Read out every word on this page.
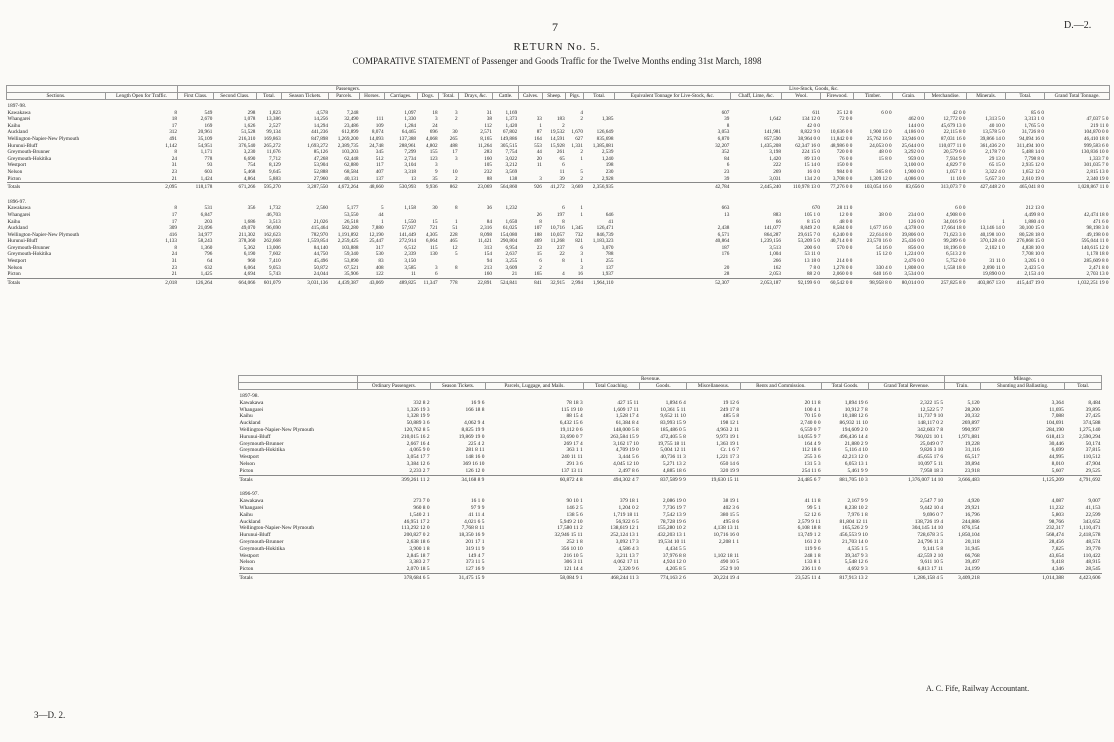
7	D.—2.
RETURN No. 5.
COMPARATIVE STATEMENT of Passenger and Goods Traffic for the Twelve Months ending 31st March, 1898
		Passengers.											Live-Stock, Goods, &c.													
Sections.	Length Open for Traffic.	First Class.	Second Class.	Total.	Season Tickets.	Parcels.	Horses.	Carriages.	Dogs.	Total.	Drays, &c.	Cattle.	Calves.	Sheep.	Pigs.	Total.	Equivalent Tonnage for Live-Stock, &c.	Chaff, Lime, &c.	Wool.	Firewood.	Timber.	Grain.	Merchandise.	Minerals.	Total.	Grand Total Tonnage.
1897-98.																										
Kawakawa	8	549	298	1,823	4,578	7,248		1,097	18	3	31	1,169			4		607		611	25 12 0	6 0 0		42 0 0		85 6 0	
Whangarei	18	2,670	1,078	13,386	14,256	32,490	111	1,330	3	2	38	1,373	33	183	2	1,385	39	1,642	134 12 0	72 0 0		462 0 0	12,772 0 0	1,313 5 0	3,313 1 0	47,037 5 0
Kaihu	17	169	1,626	2,527	14,294	23,486	109	1,284	24		112	1,420	1	2			8		42 0 0			144 0 0	45,679 13 0	40 10 0	1,765 5 0	219 11 0
Auckland	312	20,961	51,528	99,134	441,236	612,899	8,074	64,465	696	30	2,571	67,802	87	19,532	1,670	126,649	3,053	141,981	8,822 9 0	10,636 0 0	1,900 12 0	4,186 0 0	22,115 8 0	13,578 5 0	31,726 8 0	104,870 0 0
Wellington-Napier-New Plymouth	491	35,109	216,310	169,863	847,898	1,269,200	14,093	137,388	4,068	265	8,165	149,886	164	14,591	627	835,698	6,870	857,590	38,964 0 0	11,842 0 0	25,762 16 0	33,946 0 0	87,031 16 0	39,866 14 0	94,094 16 0	46,410 18 0
Hurunui-Bluff	1,142	54,951	376,540	265,272	1,693,272	2,389,735	24,748	288,961	4,802	488	11,264	305,515	553	15,928	1,331	1,385,081	32,207	1,435,208	62,347 16 0	48,986 0 0	24,053 0 0	25,644 0 0	110,077 11 0	361,436 2 0	311,494 10 0	999,583 6 0
Greymouth-Brunner	8	1,171	3,230	11,676	85,126	103,203	345	7,299	155	17	283	7,754	44	261	2	2,539	352	3,198	224 15 0	720 0 0	48 0 0	3,292 0 0	20,579 6 0	2,178 7 0	5,488 14 0	130,836 10 0
Greymouth-Hokitika	24	778	6,690	7,712	47,268	62,448	512	2,734	123	3	160	3,022	20	65	1	1,240	84	1,420	89 13 0	76 0 0	15 8 0	959 0 0	7,934 9 0	29 13 0	7,798 8 0	1,333 7 0
Westport	31	93	754	8,129	53,904	62,880	117	3,104	3		105	3,212	11	6		198	6	222	15 14 0	150 0 0		3,100 0 0	4,829 7 0	65 15 0	2,935 12 0	301,035 7 0
Nelson	23	603	5,468	9,645	52,888	68,584	407	3,318	9	10	232	3,569		11	5	230	23	269	16 0 0	984 0 0	365 8 0	1,900 0 0	1,057 1 0	3,322 4 0	1,652 12 0	2,815 13 0
Picton	21	1,424	4,864	5,883	27,960	40,131	137	13	35	2	88	138	3	39	2	2,928	39	3,031	134 2 0	3,708 0 0	1,309 12 0	4,086 0 0	11 10 0	5,657 3 0	2,610 19 0	2,340 19 0
Totals	2,095	118,178	671,266	595,270	3,287,550	4,672,264	48,660	530,993	9,936	862	23,069	564,860	926	41,272	3,669	2,356,935	42,784	2,445,240	110,978 13 0	77,276 0 0	103,054 16 0	83,656 0	313,073 7 0	427,448 2 0	465,041 8 0	1,028,867 11 0

1896-97.																										
Kawakawa	8	531	356	1,732	2,560	5,177	5	1,158	30	8	36	1,232		6	1		663		670	28 11 0			6 0 0		212 13 0	
Whangarei	17	6,847		46,703		53,550	44						26	197	1	646	13	883	105 1 0	12 0 0	38 0 0	234 0 0	4,908 0 0		4,499 8 0	42,474 18 0
Kaihu	17	203	1,686	3,513	21,026	26,518	1	1,550	15	1	84	1,650	8	8		41		66	8 15 0	48 0 0		126 0 0	34,016 9 0	1	1,880 4 0	471 6 0
Auckland	309	21,096	49,070	96,690	415,464	582,280	7,880	57,937	721	51	2,316	61,025	107	10,716	1,345	126,471	2,438	141,077	8,849 2 0	8,584 0 0	1,677 16 0	4,378 0 0	17,664 18 0	13,146 14 0	30,100 15 0	98,198 3 0
Wellington-Napier-New Plymouth	416	34,977	211,302	162,623	782,970	1,191,892	12,190	141,449	4,305	228	8,098	154,080	188	10,057	732	846,739	6,571	864,287	29,615 7 0	6,240 0 0	22,614 8 0	39,806 0 0	71,623 3 0	40,198 10 0	80,528 18 0	49,198 0 0
Hurunui-Bluff	1,133	58,243	378,360	262,668	1,559,854	2,259,425	25,447	272,914	6,064	465	11,421	290,804	469	11,268	821	1,183,323	40,864	1,239,156	53,209 5 0	40,714 0 0	23,570 16 0	25,436 0 0	99,289 6 0	370,128 4 0	276,868 15 0	595,044 11 0
Greymouth-Brunner	8	1,360	5,362	13,006	84,140	103,888	317	6,512	115	12	313	6,954	23	237	6	3,070	187	3,513	200 6 0	570 0 0	54 16 0	856 0 0	18,196 0 0	2,102 1 0	4,838 10 0	140,615 12 0
Greymouth-Hokitika	24	796	6,190	7,602	44,750	59,340	530	2,339	130	5	154	2,637	15	22	3	788	176	1,004	53 11 0		15 12 0	1,224 0 0	6,513 2 0		7,708 10 0	1,178 18 0
Westport	31	64	960	7,410	45,496	53,890	83	3,150			94	3,255	6	8	1	255		266	13 18 0	214 0 0		2,476 0 0	5,752 0 0	31 11 0	3,205 1 0	285,609 8 0
Nelson	23	632	6,064	9,053	50,872	67,521	408	3,585	3	8	213	3,609	2		3	137	20	162	7 8 0	1,278 0 0	330 4 0	1,808 0 0	1,558 18 0	2,690 11 0	2,423 5 0	2,471 8 0
Picton	21	1,425	4,694	5,743	24,044	35,906	122	11	6		160	21	165	4	16	1,937	28	2,053	88 2 0	2,060 0 0	640 16 0	3,534 0 0		19,890 0 0	2,153 4 0	2,703 13 0
Totals	2,018	126,264	664,066	601,079	3,031,136	4,439,387	43,069	489,825	11,347	778	22,891	524,841	841	32,915	2,994	1,964,110	52,307	2,053,187	92,199 6 0	60,542 0 0	98,958 8 0	80,014 0 0	257,825 8 0	403,867 13 0	415,447 19 0	1,032,251 19 0

	Revenue.									Mileage.		
	Ordinary Passengers.	Season Tickets.	Parcels, Luggage, and Mails.	Total Coaching.	Goods.	Miscellaneous.	Rents and Commission.	Total Goods.	Grand Total Revenue.	Train.	Shunting and Ballasting.	Total.
1897-98.												
Kawakawa	332 8 2	16 9 6	78 18 3	427 15 11	1,894 6 4	19 12 6	20 11 8	1,894 19 6	2,322 15 5	5,120	3,364	8,484
Whangarei	1,326 19 3	166 18 8	115 19 10	1,609 17 11	10,361 5 11	249 17 8	100 4 1	10,912 7 8	12,522 5 7	28,200	11,695	39,895
Kaihu	1,328 19 9		88 15 4	1,528 17 4	9,652 11 10	485 5 8	70 15 0	10,188 12 6	11,737 9 10	20,332	7,088	27,425
Auckland	50,889 3 6	4,062 9 4	6,432 15 6	61,384 8 4	83,993 15 9	198 12 1	2,740 0 0	86,932 11 10	148,117 0 2	269,897	104,691	374,588
Wellington-Napier-New Plymouth	120,762 8 5	8,825 19 9	19,112 0 6	148,000 5 8	185,486 0 5	4,963 2 11	6,559 0 7	194,609 2 0	342,603 7 8	990,997	284,190	1,275,140
Hurunui-Bluff	210,015 16 2	19,869 19 0	33,690 0 7	263,584 15 9	472,405 5 8	9,973 19 1	14,055 9 7	496,436 14 4	760,021 10 1	1,971,881	618,413	2,590,294
Greymouth-Brunner	2,667 16 4	225 4 2	269 17 4	3,162 17 10	19,755 18 11	1,363 19 1	164 4 9	21,880 2 9	25,049 0 7	19,228	30,446	50,174
Greymouth-Hokitika	4,065 9 0	281 8 11	363 1 1	4,709 19 0	5,004 12 11	Cr. 1 6 7	112 18 6	5,116 4 10	9,826 3 10	31,116	6,699	37,815
Westport	3,054 17 7	148 16 0	240 11 11	3,444 5 6	40,736 11 3	1,221 17 3	255 3 6	42,213 12 0	45,655 17 6	65,517	44,995	110,512
Nelson	3,384 12 6	369 16 10	291 3 6	4,045 12 10	5,271 13 2	650 14 6	131 5 3	6,053 13 1	10,097 5 11	39,894	8,010	47,904
Picton	2,233 2 7	126 12 0	137 13 11	2,497 8 6	4,885 18 6	320 19 9	254 11 6	5,461 9 9	7,958 18 3	23,918	5,607	29,525
Totals	399,261 11 2	34,168 8 9	60,872 4 8	494,302 4 7	837,589 9 9	19,630 15 11	24,485 6 7	881,705 10 3	1,376,007 14 10	3,666,483	1,125,209	4,791,692

1896-97.												
Kawakawa	273 7 0	16 1 0	90 10 1	379 18 1	2,086 19 0	38 19 1	41 11 8	2,167 9 9	2,547 7 10	4,920	4,087	9,007
Whangarei	960 8 0	97 9 9	146 2 5	1,204 0 2	7,736 19 7	402 3 6	99 5 1	8,238 10 2	9,442 10 4	29,921	11,232	41,153
Kaihu	1,540 2 1	41 11 4	138 5 6	1,719 18 11	7,542 13 9	380 15 5	52 12 6	7,976 1 8	9,696 0 7	16,796	5,803	22,599
Auckland	46,951 17 2	4,021 6 5	5,949 2 10	56,922 6 5	78,728 19 6	495 8 6	2,579 9 11	81,804 12 11	138,726 19 4	244,886	98,766	343,652
Wellington-Napier-New Plymouth	113,292 12 0	7,768 8 11	17,580 11 2	138,619 12 1	155,280 10 2	4,138 13 11	6,108 18 8	165,526 2 9	304,145 14 10	876,154	232,317	1,110,471
Hurunui-Bluff	200,827 0 2	18,350 16 9	32,946 15 11	252,124 13 1	432,203 13 1	10,716 16 0	13,749 1 2	456,553 9 10	728,678 3 5	1,850,104	568,474	2,418,578
Greymouth-Brunner	2,638 18 6	201 17 1	252 1 8	3,092 17 3	19,534 10 11	2,208 1 1	161 2 0	21,703 14 0	24,796 11 3	20,118	28,456	48,574
Greymouth-Hokitika	3,900 1 8	319 11 9	356 10 10	4,586 4 3	4,434 5 5		119 9 6	4,535 1 5	9,141 5 8	31,945	7,825	39,770
Westport	2,845 18 7	149 4 7	216 10 5	3,211 13 7	37,976 8 8	1,102 18 11	248 1 8	39,347 9 3	42,559 2 10	66,768	43,654	110,422
Nelson	3,383 2 7	373 11 5	306 3 11	4,062 17 11	4,924 12 0	490 10 5	133 8 1	5,548 12 6	9,611 10 5	39,497	9,418	48,915
Picton	2,070 18 5	127 16 9	121 14 4	2,320 9 6	4,205 8 5	252 9 10	236 11 0	4,692 9 3	6,813 17 11	24,199	4,346	28,545
Totals	378,684 6 5	31,475 15 9	58,084 9 1	468,244 11 3	774,163 2 6	20,224 19 4	23,525 11 4	817,913 13 2	1,286,158 4 5	3,409,218	1,014,388	4,423,606

A. C. Fife, Railway Accountant.
3—D. 2.
